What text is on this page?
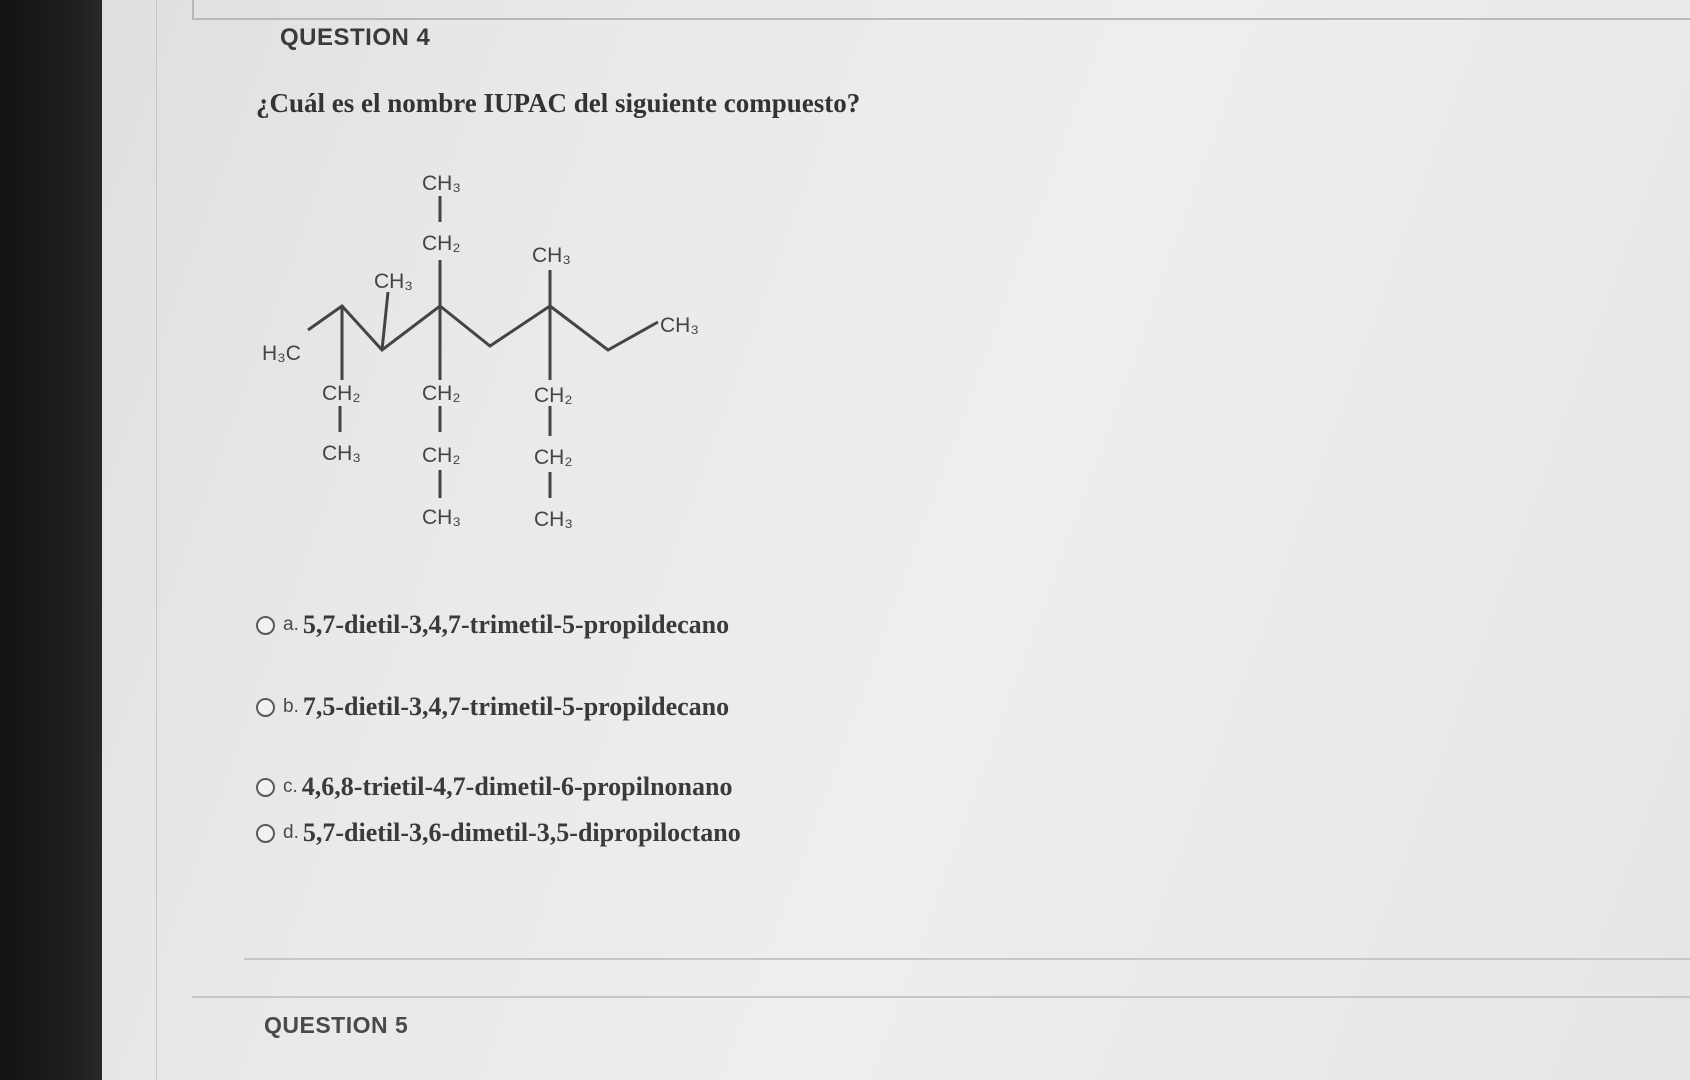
QUESTION 4
¿Cuál es el nombre IUPAC del siguiente compuesto?
H₃C
CH₃
CH₃
CH₃
CH₂
CH₃
CH₂
CH₃
CH₂
CH₂
CH₃
CH₂
CH₂
CH₃
a. 5,7-dietil-3,4,7-trimetil-5-propildecano
b. 7,5-dietil-3,4,7-trimetil-5-propildecano
c. 4,6,8-trietil-4,7-dimetil-6-propilnonano
d. 5,7-dietil-3,6-dimetil-3,5-dipropiloctano
QUESTION 5
